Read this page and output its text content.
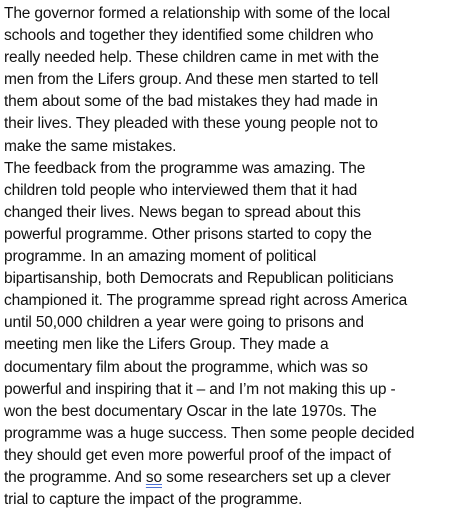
The governor formed a relationship with some of the local
schools and together they identified some children who
really needed help. These children came in met with the
men from the Lifers group. And these men started to tell
them about some of the bad mistakes they had made in
their lives. They pleaded with these young people not to
make the same mistakes.
The feedback from the programme was amazing. The
children told people who interviewed them that it had
changed their lives. News began to spread about this
powerful programme. Other prisons started to copy the
programme. In an amazing moment of political
bipartisanship, both Democrats and Republican politicians
championed it. The programme spread right across America
until 50,000 children a year were going to prisons and
meeting men like the Lifers Group. They made a
documentary film about the programme, which was so
powerful and inspiring that it – and I’m not making this up -
won the best documentary Oscar in the late 1970s. The
programme was a huge success. Then some people decided
they should get even more powerful proof of the impact of
the programme. And so some researchers set up a clever
trial to capture the impact of the programme.
